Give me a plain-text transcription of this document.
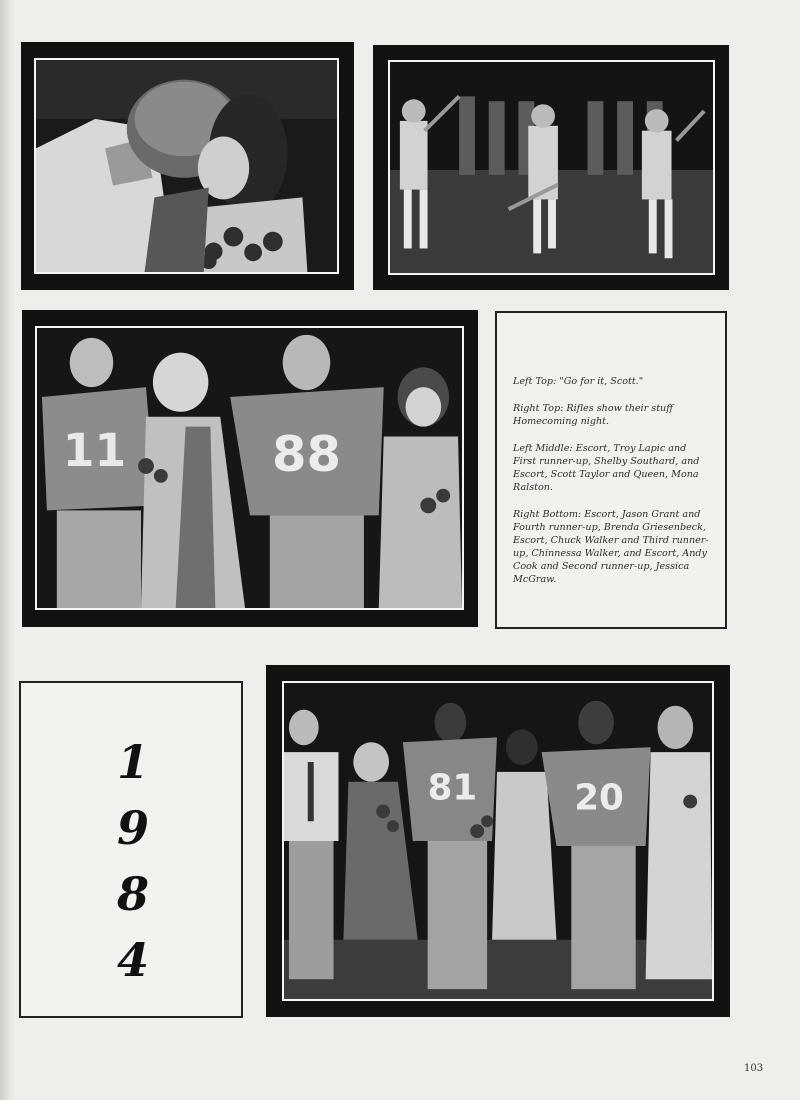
11	88

Left Top: "Go for it, Scott."

Right Top: Rifles show their stuff Homecoming night.

Left Middle: Escort, Troy Lapic and First runner-up, Shelby Southard, and Escort, Scott Taylor and Queen, Mona Ralston.

Right Bottom: Escort, Jason Grant and Fourth runner-up, Brenda Griesenbeck, Escort, Chuck Walker and Third runner-up, Chinnessa Walker, and Escort, Andy Cook and Second runner-up, Jessica McGraw.

1
9
8
4
81	20
103
